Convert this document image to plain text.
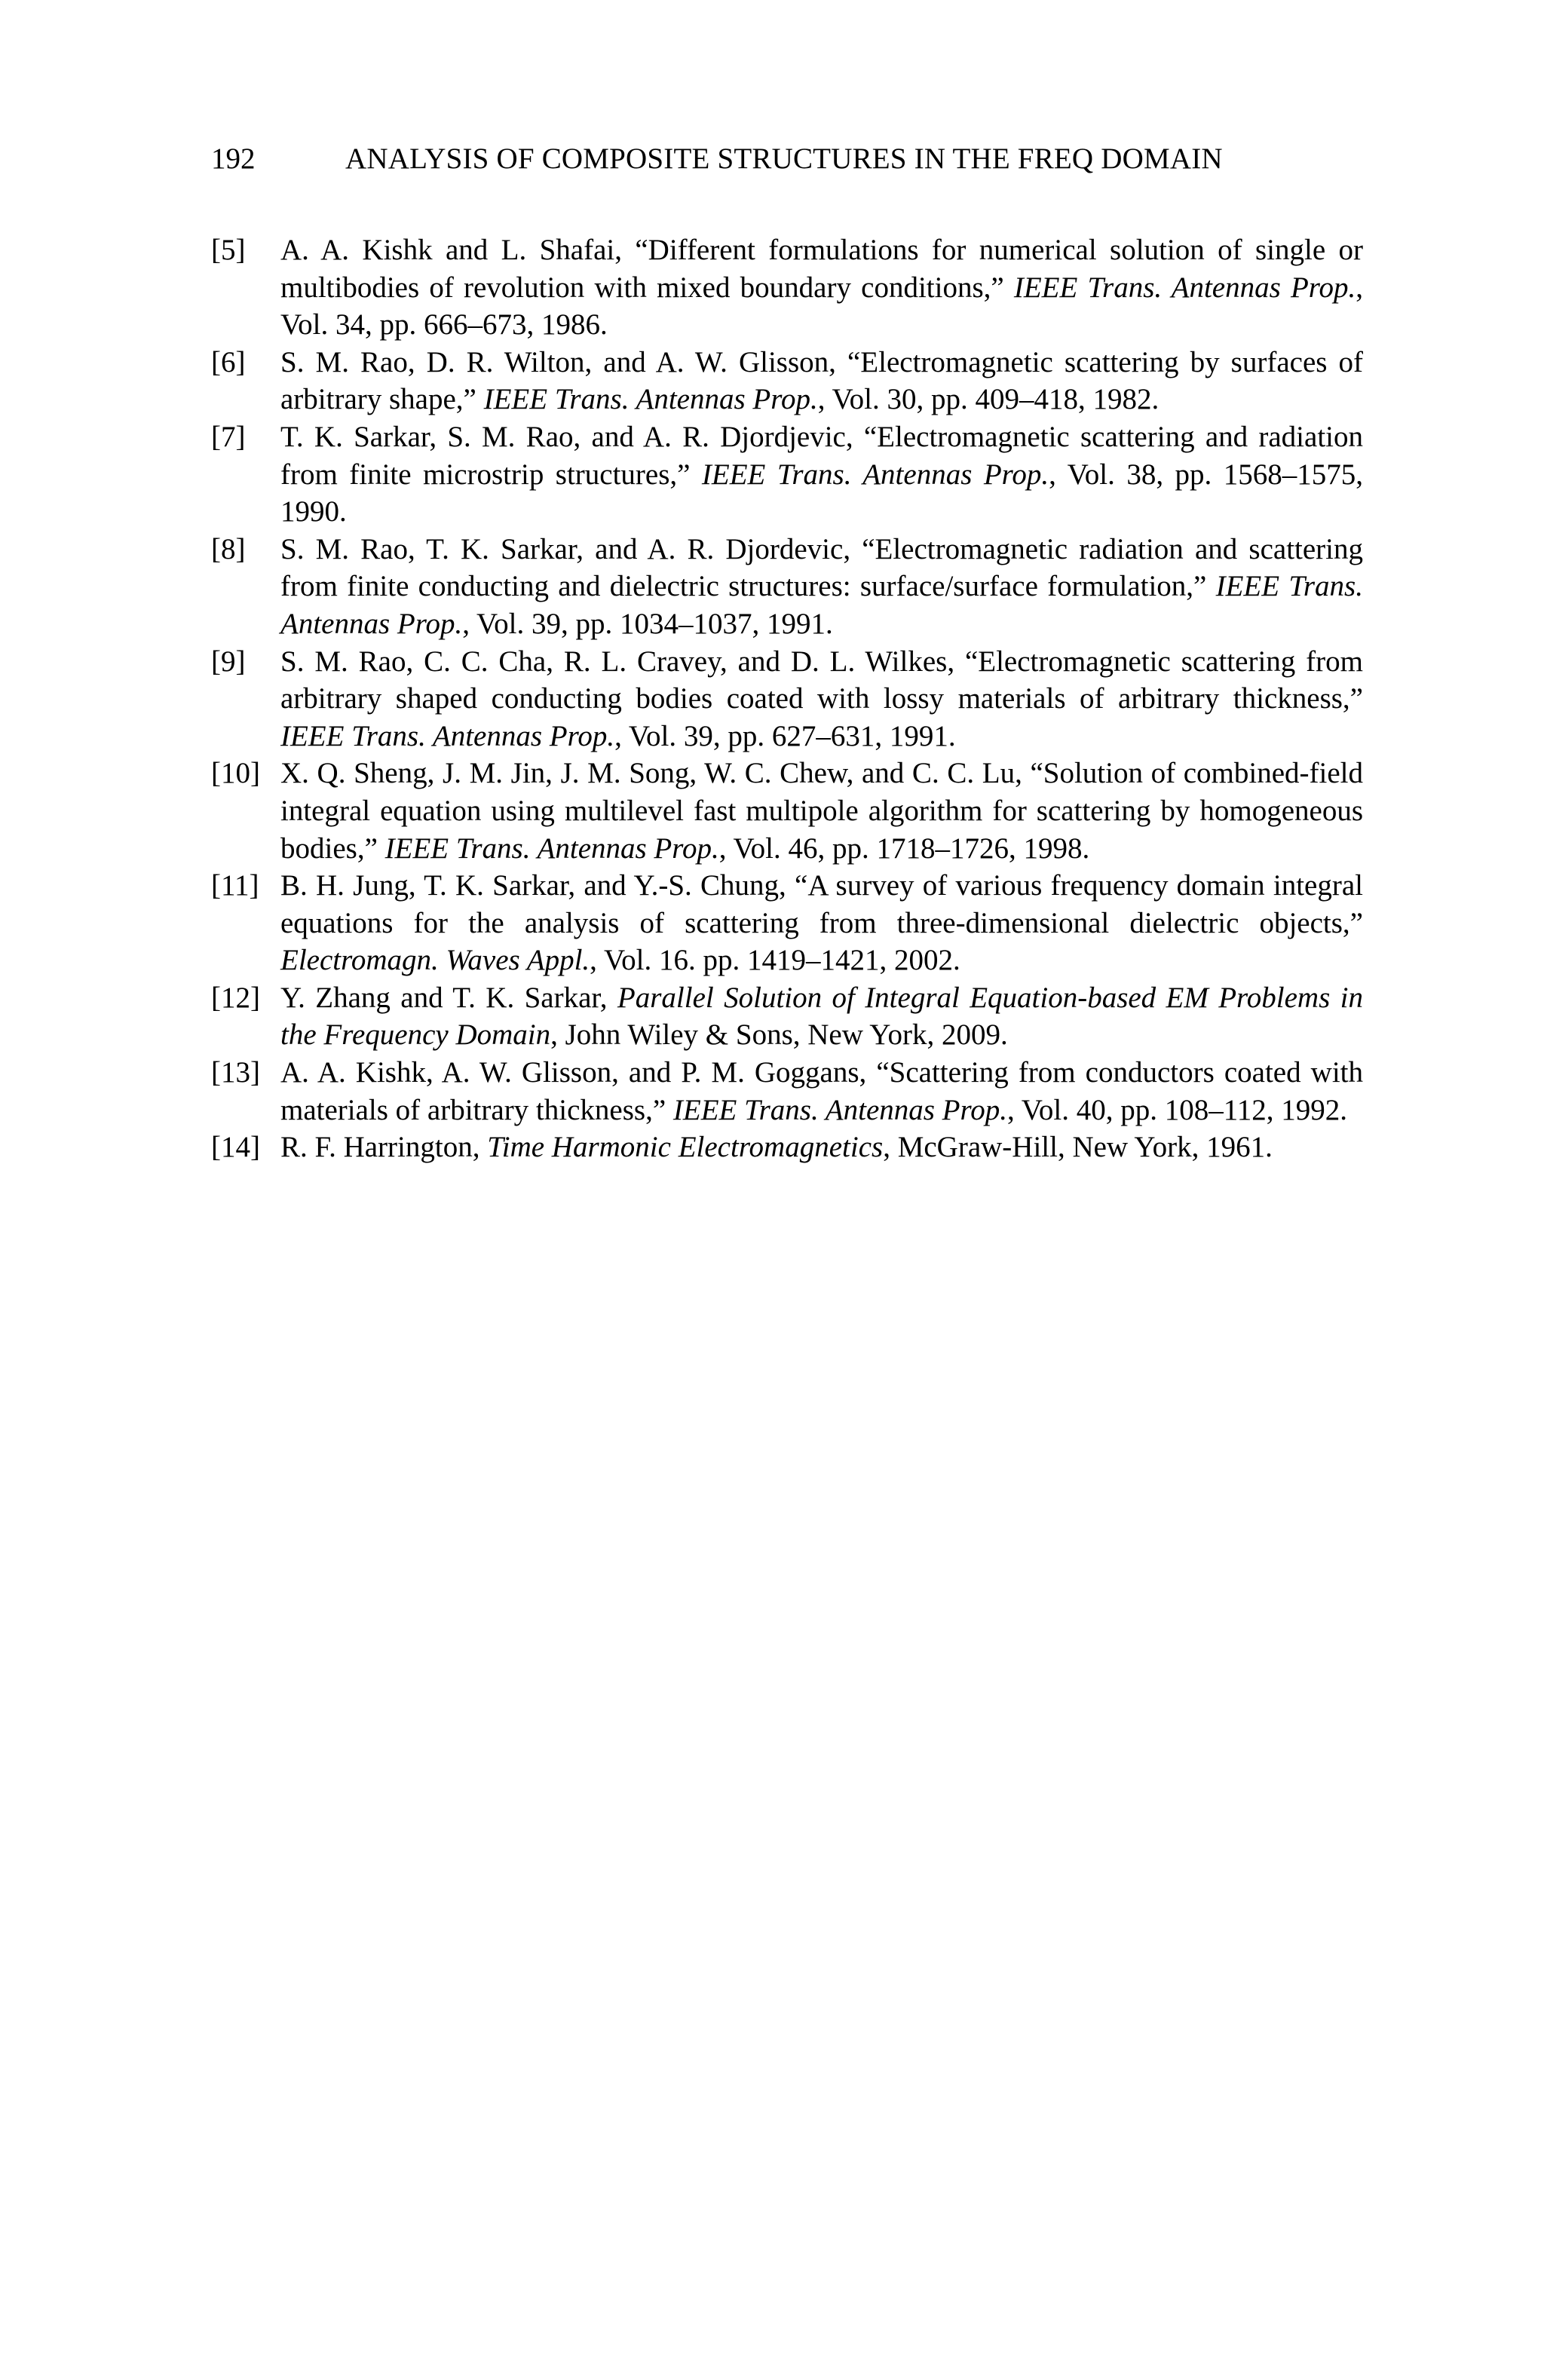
192	ANALYSIS OF COMPOSITE STRUCTURES IN THE FREQ DOMAIN
[5] A. A. Kishk and L. Shafai, “Different formulations for numerical solution of single or multibodies of revolution with mixed boundary conditions,” IEEE Trans. Antennas Prop., Vol. 34, pp. 666–673, 1986.
[6] S. M. Rao, D. R. Wilton, and A. W. Glisson, “Electromagnetic scattering by surfaces of arbitrary shape,” IEEE Trans. Antennas Prop., Vol. 30, pp. 409–418, 1982.
[7] T. K. Sarkar, S. M. Rao, and A. R. Djordjevic, “Electromagnetic scattering and radiation from finite microstrip structures,” IEEE Trans. Antennas Prop., Vol. 38, pp. 1568–1575, 1990.
[8] S. M. Rao, T. K. Sarkar, and A. R. Djordevic, “Electromagnetic radiation and scattering from finite conducting and dielectric structures: surface/surface formulation,” IEEE Trans. Antennas Prop., Vol. 39, pp. 1034–1037, 1991.
[9] S. M. Rao, C. C. Cha, R. L. Cravey, and D. L. Wilkes, “Electromagnetic scattering from arbitrary shaped conducting bodies coated with lossy materials of arbitrary thickness,” IEEE Trans. Antennas Prop., Vol. 39, pp. 627–631, 1991.
[10] X. Q. Sheng, J. M. Jin, J. M. Song, W. C. Chew, and C. C. Lu, “Solution of combined-field integral equation using multilevel fast multipole algorithm for scattering by homogeneous bodies,” IEEE Trans. Antennas Prop., Vol. 46, pp. 1718–1726, 1998.
[11] B. H. Jung, T. K. Sarkar, and Y.-S. Chung, “A survey of various frequency domain integral equations for the analysis of scattering from three-dimensional dielectric objects,” Electromagn. Waves Appl., Vol. 16. pp. 1419–1421, 2002.
[12] Y. Zhang and T. K. Sarkar, Parallel Solution of Integral Equation-based EM Problems in the Frequency Domain, John Wiley & Sons, New York, 2009.
[13] A. A. Kishk, A. W. Glisson, and P. M. Goggans, “Scattering from conductors coated with materials of arbitrary thickness,” IEEE Trans. Antennas Prop., Vol. 40, pp. 108–112, 1992.
[14] R. F. Harrington, Time Harmonic Electromagnetics, McGraw-Hill, New York, 1961.
